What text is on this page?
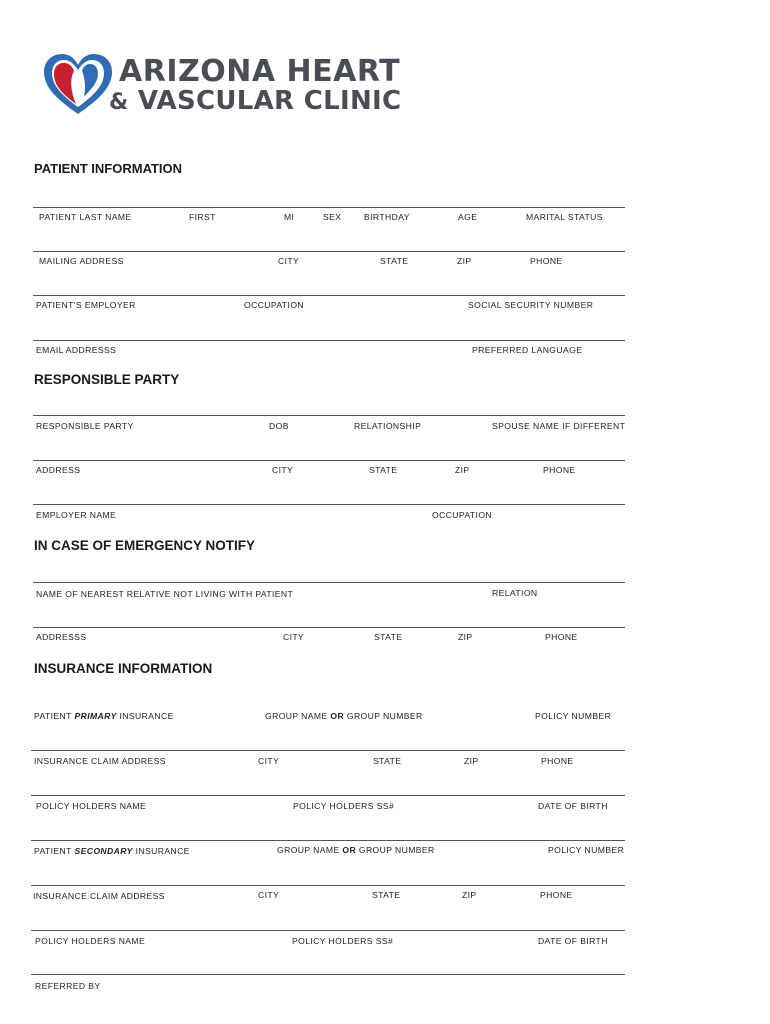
ARIZONA HEART
& VASCULAR CLINIC
PATIENT INFORMATION
PATIENT LAST NAME	FIRST	MI	SEX	BIRTHDAY	AGE	MARITAL STATUS
MAILING ADDRESS	CITY	STATE	ZIP	PHONE
PATIENT'S EMPLOYER	OCCUPATION	SOCIAL SECURITY NUMBER
EMAIL ADDRESSS	PREFERRED LANGUAGE
RESPONSIBLE PARTY
RESPONSIBLE PARTY	DOB	RELATIONSHIP	SPOUSE NAME IF DIFFERENT
ADDRESS	CITY	STATE	ZIP	PHONE
EMPLOYER NAME	OCCUPATION
IN CASE OF EMERGENCY NOTIFY
NAME OF NEAREST RELATIVE NOT LIVING WITH PATIENT	RELATION
ADDRESSS	CITY	STATE	ZIP	PHONE
INSURANCE INFORMATION
PATIENT PRIMARY INSURANCE	GROUP NAME OR GROUP NUMBER	POLICY NUMBER
INSURANCE CLAIM ADDRESS	CITY	STATE	ZIP	PHONE
POLICY HOLDERS NAME	POLICY HOLDERS SS#	DATE OF BIRTH
PATIENT SECONDARY INSURANCE	GROUP NAME OR GROUP NUMBER	POLICY NUMBER
INSURANCE CLAIM ADDRESS	CITY	STATE	ZIP	PHONE
POLICY HOLDERS NAME	POLICY HOLDERS SS#	DATE OF BIRTH
REFERRED BY
